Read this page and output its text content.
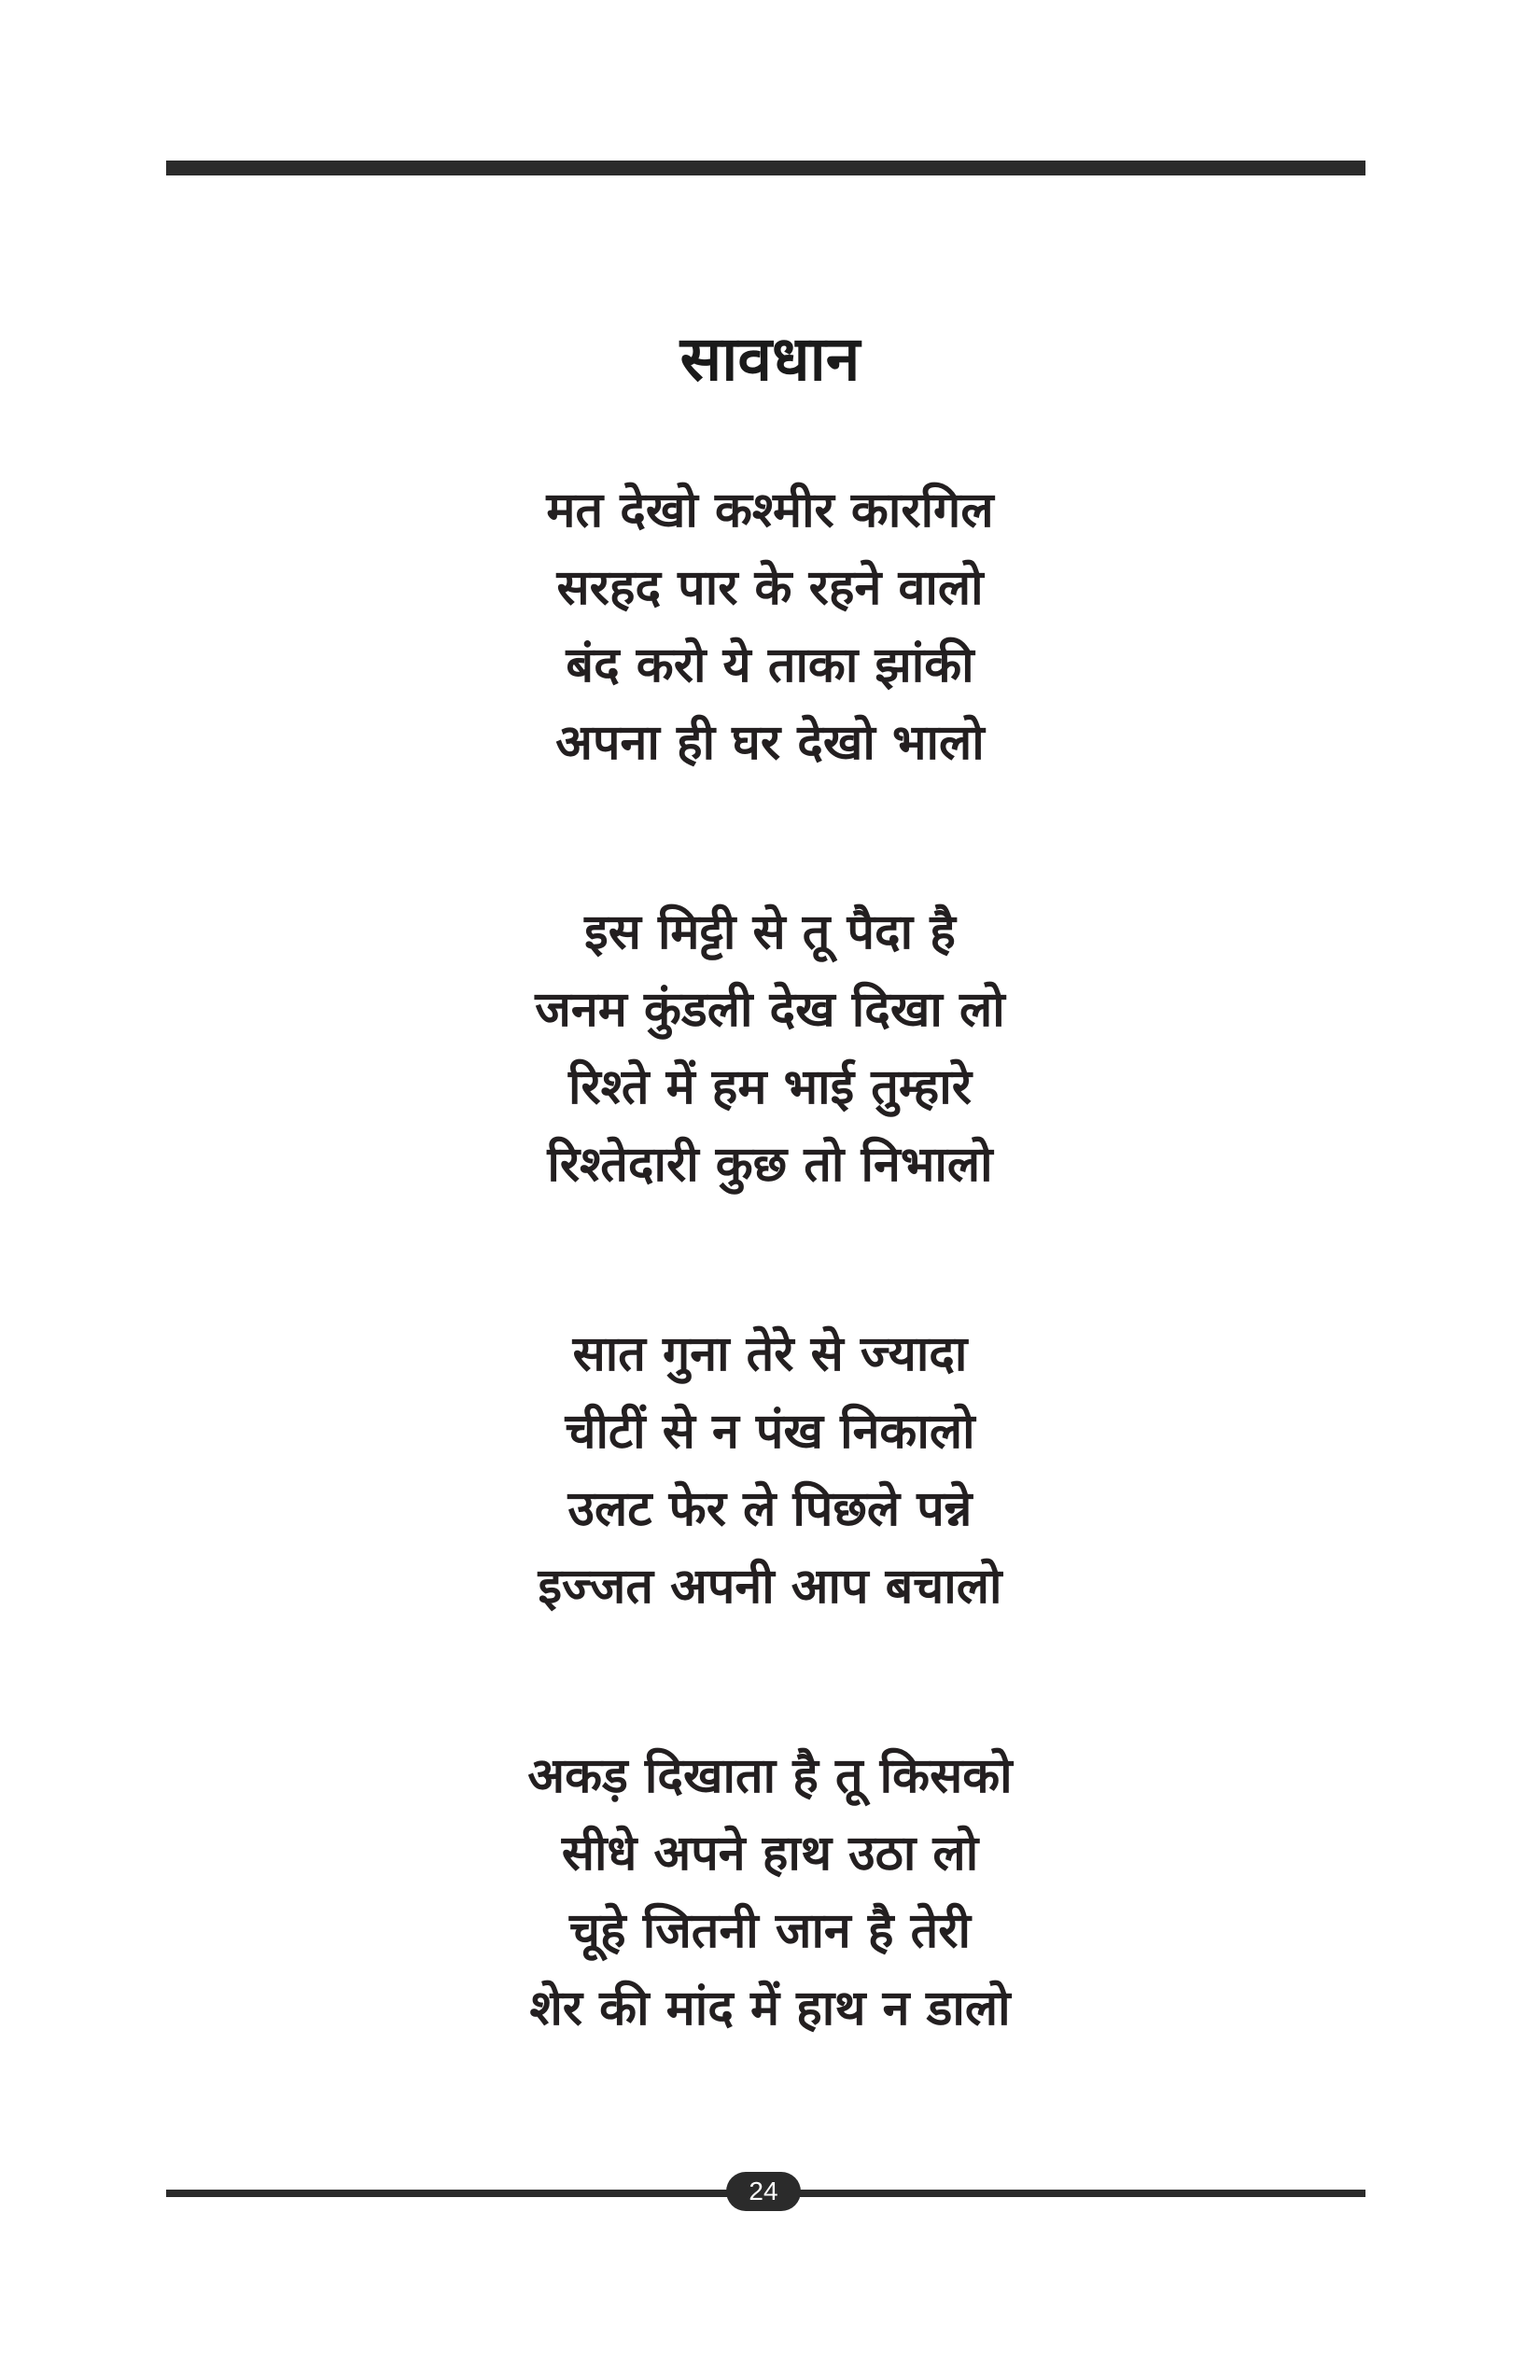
सावधान
मत देखो कश्मीर कारगिल
सरहद पार के रहने वालो
बंद करो ये ताका झांकी
अपना ही घर देखो भालो
इस मिट्टी से तू पैदा है
जनम कुंडली देख दिखा लो
रिश्ते में हम भाई तुम्हारे
रिश्तेदारी कुछ तो निभालो
सात गुना तेरे से ज्यादा
चीटीं से न पंख निकालो
उलट फेर ले पिछले पन्ने
इज्जत अपनी आप बचालो
अकड़ दिखाता है तू किसको
सीधे अपने हाथ उठा लो
चूहे जितनी जान है तेरी
शेर की मांद में हाथ न डालो
24
